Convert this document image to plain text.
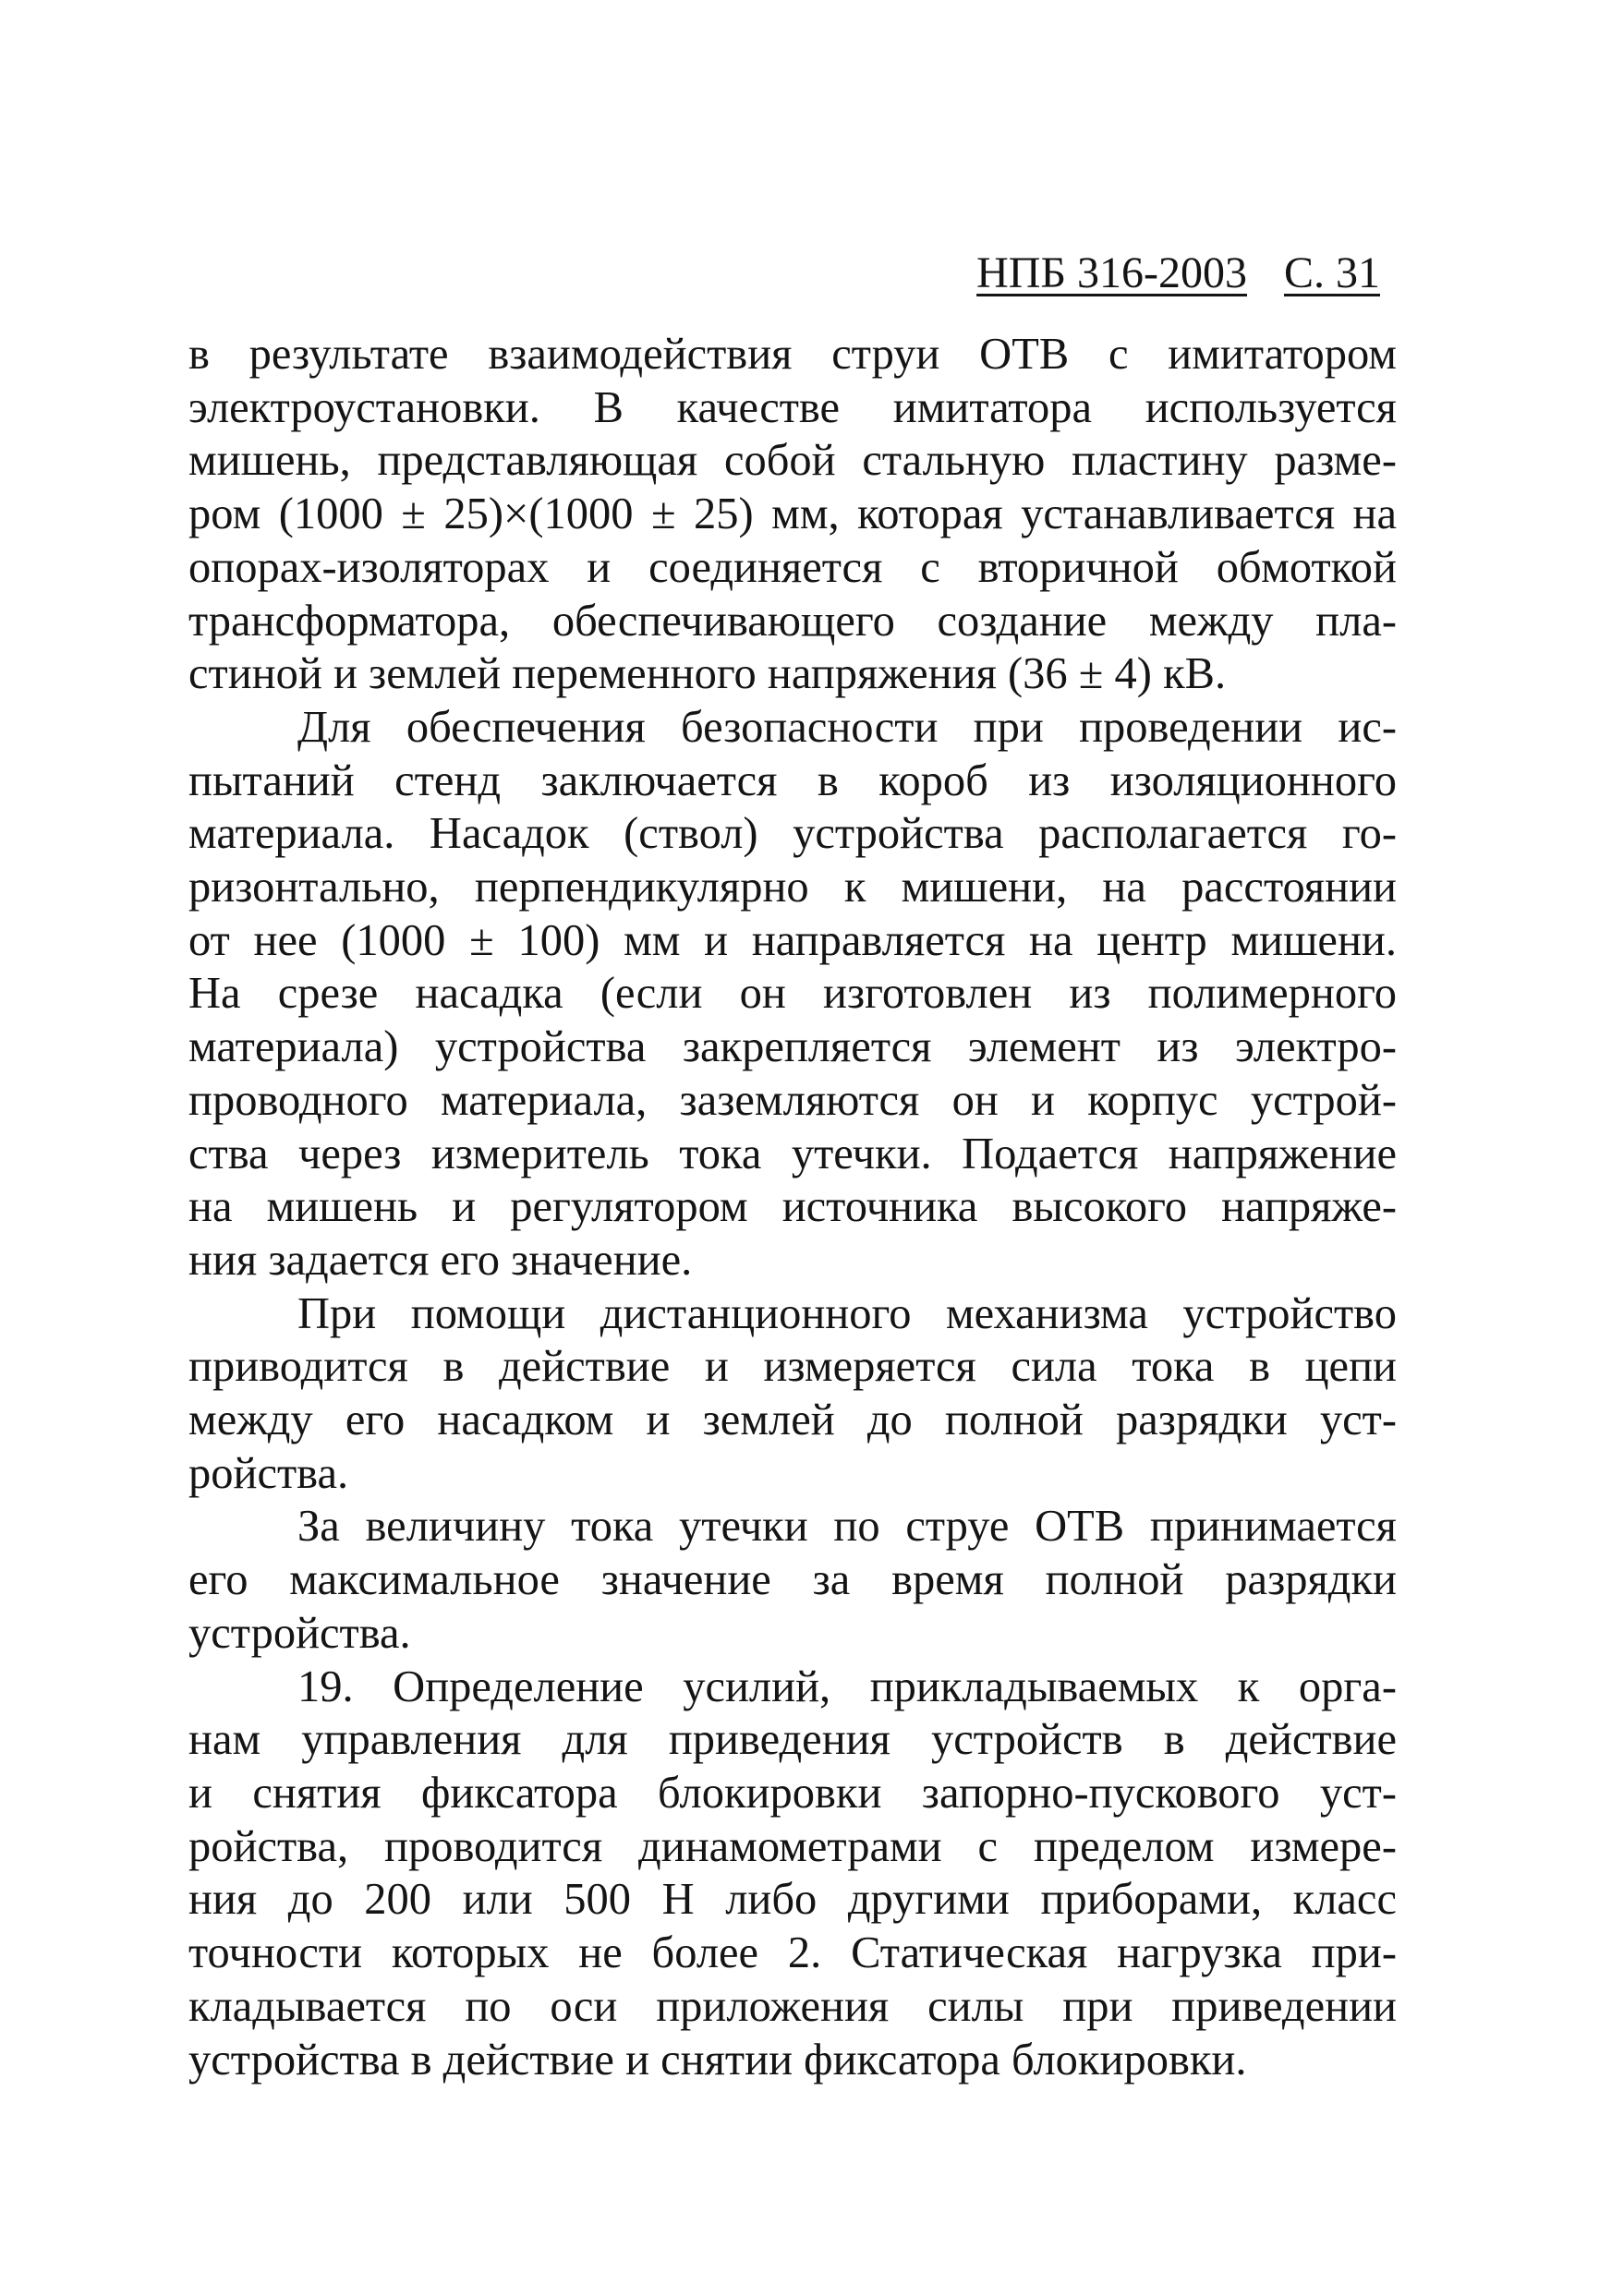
НПБ 316-2003 С. 31
в результате взаимодействия струи ОТВ с имитатором
электроустановки. В качестве имитатора используется
мишень, представляющая собой стальную пластину разме-
ром (1000 ± 25)×(1000 ± 25) мм, которая устанавливается на
опорах-изоляторах и соединяется с вторичной обмоткой
трансформатора, обеспечивающего создание между пла-
стиной и землей переменного напряжения (36 ± 4) кВ.
Для обеспечения безопасности при проведении ис-
пытаний стенд заключается в короб из изоляционного
материала. Насадок (ствол) устройства располагается го-
ризонтально, перпендикулярно к мишени, на расстоянии
от нее (1000 ± 100) мм и направляется на центр мишени.
На срезе насадка (если он изготовлен из полимерного
материала) устройства закрепляется элемент из электро-
проводного материала, заземляются он и корпус устрой-
ства через измеритель тока утечки. Подается напряжение
на мишень и регулятором источника высокого напряже-
ния задается его значение.
При помощи дистанционного механизма устройство
приводится в действие и измеряется сила тока в цепи
между его насадком и землей до полной разрядки уст-
ройства.
За величину тока утечки по струе ОТВ принимается
его максимальное значение за время полной разрядки
устройства.
19. Определение усилий, прикладываемых к орга-
нам управления для приведения устройств в действие
и снятия фиксатора блокировки запорно-пускового уст-
ройства, проводится динамометрами с пределом измере-
ния до 200 или 500 Н либо другими приборами, класс
точности которых не более 2. Статическая нагрузка при-
кладывается по оси приложения силы при приведении
устройства в действие и снятии фиксатора блокировки.
